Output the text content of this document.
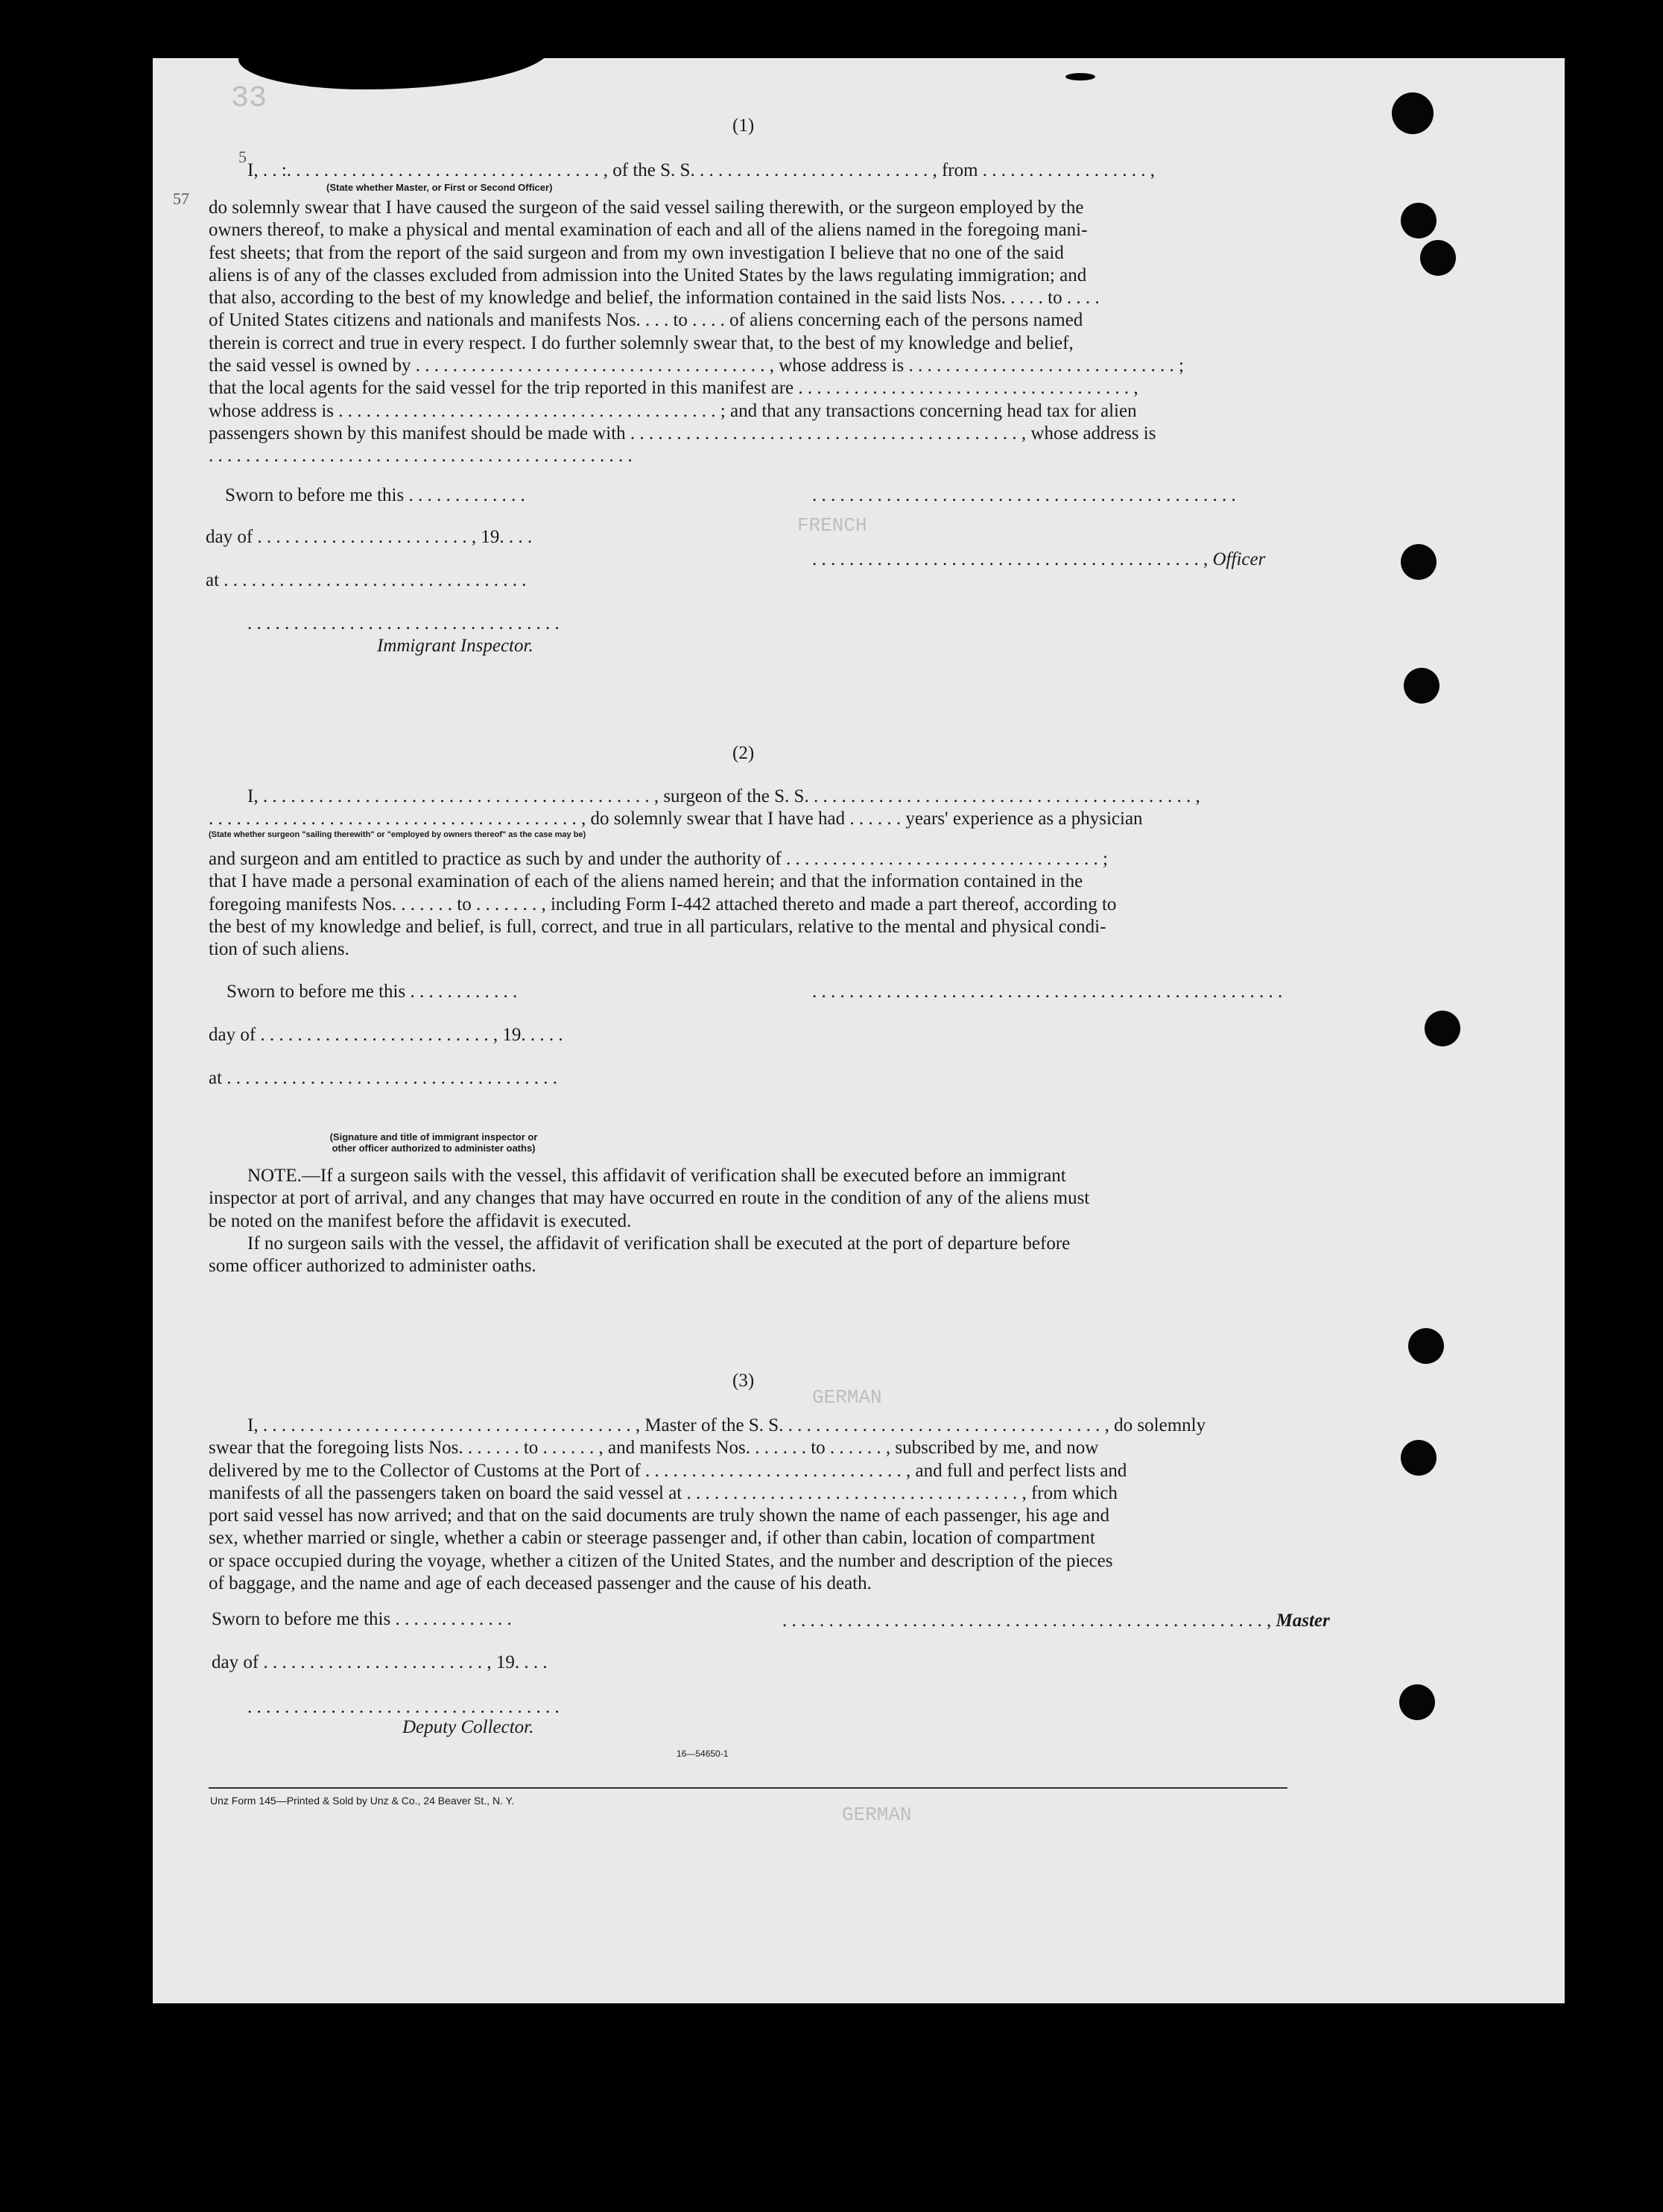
33
FRENCH
GERMAN
GERMAN
5
57
(1)
I, . . :. . . . . . . . . . . . . . . . . . . . . . . . . . . . . . . . . . , of the S. S. . . . . . . . . . . . . . . . . . . . . . . . . . , from . . . . . . . . . . . . . . . . . . ,
(State whether Master, or First or Second Officer)
do solemnly swear that I have caused the surgeon of the said vessel sailing therewith, or the surgeon employed by the
owners thereof, to make a physical and mental examination of each and all of the aliens named in the foregoing mani-
fest sheets; that from the report of the said surgeon and from my own investigation I believe that no one of the said
aliens is of any of the classes excluded from admission into the United States by the laws regulating immigration; and
that also, according to the best of my knowledge and belief, the information contained in the said lists Nos. . . . . to . . . .
of United States citizens and nationals and manifests Nos. . . . to . . . . of aliens concerning each of the persons named
therein is correct and true in every respect. I do further solemnly swear that, to the best of my knowledge and belief,
the said vessel is owned by . . . . . . . . . . . . . . . . . . . . . . . . . . . . . . . . . . . . . . , whose address is . . . . . . . . . . . . . . . . . . . . . . . . . . . . . ;
that the local agents for the said vessel for the trip reported in this manifest are . . . . . . . . . . . . . . . . . . . . . . . . . . . . . . . . . . . . ,
whose address is . . . . . . . . . . . . . . . . . . . . . . . . . . . . . . . . . . . . . . . . . ; and that any transactions concerning head tax for alien
passengers shown by this manifest should be made with . . . . . . . . . . . . . . . . . . . . . . . . . . . . . . . . . . . . . . . . . . , whose address is
. . . . . . . . . . . . . . . . . . . . . . . . . . . . . . . . . . . . . . . . . . . . . .
Sworn to before me this . . . . . . . . . . . . .	. . . . . . . . . . . . . . . . . . . . . . . . . . . . . . . . . . . . . . . . . . . . . .
day of . . . . . . . . . . . . . . . . . . . . . . . , 19. . . .
. . . . . . . . . . . . . . . . . . . . . . . . . . . . . . . . . . . . . . . . . . , Officer
at . . . . . . . . . . . . . . . . . . . . . . . . . . . . . . . . .
. . . . . . . . . . . . . . . . . . . . . . . . . . . . . . . . . .
Immigrant Inspector.
(2)
I, . . . . . . . . . . . . . . . . . . . . . . . . . . . . . . . . . . . . . . . . . . , surgeon of the S. S. . . . . . . . . . . . . . . . . . . . . . . . . . . . . . . . . . . . . . . . . . ,
. . . . . . . . . . . . . . . . . . . . . . . . . . . . . . . . . . . . . . . . , do solemnly swear that I have had . . . . . . years' experience as a physician
(State whether surgeon "sailing therewith" or "employed by owners thereof" as the case may be)
and surgeon and am entitled to practice as such by and under the authority of . . . . . . . . . . . . . . . . . . . . . . . . . . . . . . . . . . ;
that I have made a personal examination of each of the aliens named herein; and that the information contained in the
foregoing manifests Nos. . . . . . . to . . . . . . . , including Form I-442 attached thereto and made a part thereof, according to
the best of my knowledge and belief, is full, correct, and true in all particulars, relative to the mental and physical condi-
tion of such aliens.
Sworn to before me this . . . . . . . . . . . .	. . . . . . . . . . . . . . . . . . . . . . . . . . . . . . . . . . . . . . . . . . . . . . . . . . .
day of . . . . . . . . . . . . . . . . . . . . . . . . . , 19. . . . .
at . . . . . . . . . . . . . . . . . . . . . . . . . . . . . . . . . . . .
(Signature and title of immigrant inspector or
other officer authorized to administer oaths)
NOTE.—If a surgeon sails with the vessel, this affidavit of verification shall be executed before an immigrant
inspector at port of arrival, and any changes that may have occurred en route in the condition of any of the aliens must
be noted on the manifest before the affidavit is executed.
If no surgeon sails with the vessel, the affidavit of verification shall be executed at the port of departure before
some officer authorized to administer oaths.
(3)
I, . . . . . . . . . . . . . . . . . . . . . . . . . . . . . . . . . . . . . . . . , Master of the S. S. . . . . . . . . . . . . . . . . . . . . . . . . . . . . . . . . . . , do solemnly
swear that the foregoing lists Nos. . . . . . . to . . . . . . , and manifests Nos. . . . . . . to . . . . . . , subscribed by me, and now
delivered by me to the Collector of Customs at the Port of . . . . . . . . . . . . . . . . . . . . . . . . . . . . , and full and perfect lists and
manifests of all the passengers taken on board the said vessel at . . . . . . . . . . . . . . . . . . . . . . . . . . . . . . . . . . . . , from which
port said vessel has now arrived; and that on the said documents are truly shown the name of each passenger, his age and
sex, whether married or single, whether a cabin or steerage passenger and, if other than cabin, location of compartment
or space occupied during the voyage, whether a citizen of the United States, and the number and description of the pieces
of baggage, and the name and age of each deceased passenger and the cause of his death.
Sworn to before me this . . . . . . . . . . . . .	. . . . . . . . . . . . . . . . . . . . . . . . . . . . . . . . . . . . . . . . . . . . . . . . . . . . , Master
day of . . . . . . . . . . . . . . . . . . . . . . . . , 19. . . .
. . . . . . . . . . . . . . . . . . . . . . . . . . . . . . . . . .
Deputy Collector.
16—54650-1
Unz Form 145—Printed & Sold by Unz & Co., 24 Beaver St., N. Y.
